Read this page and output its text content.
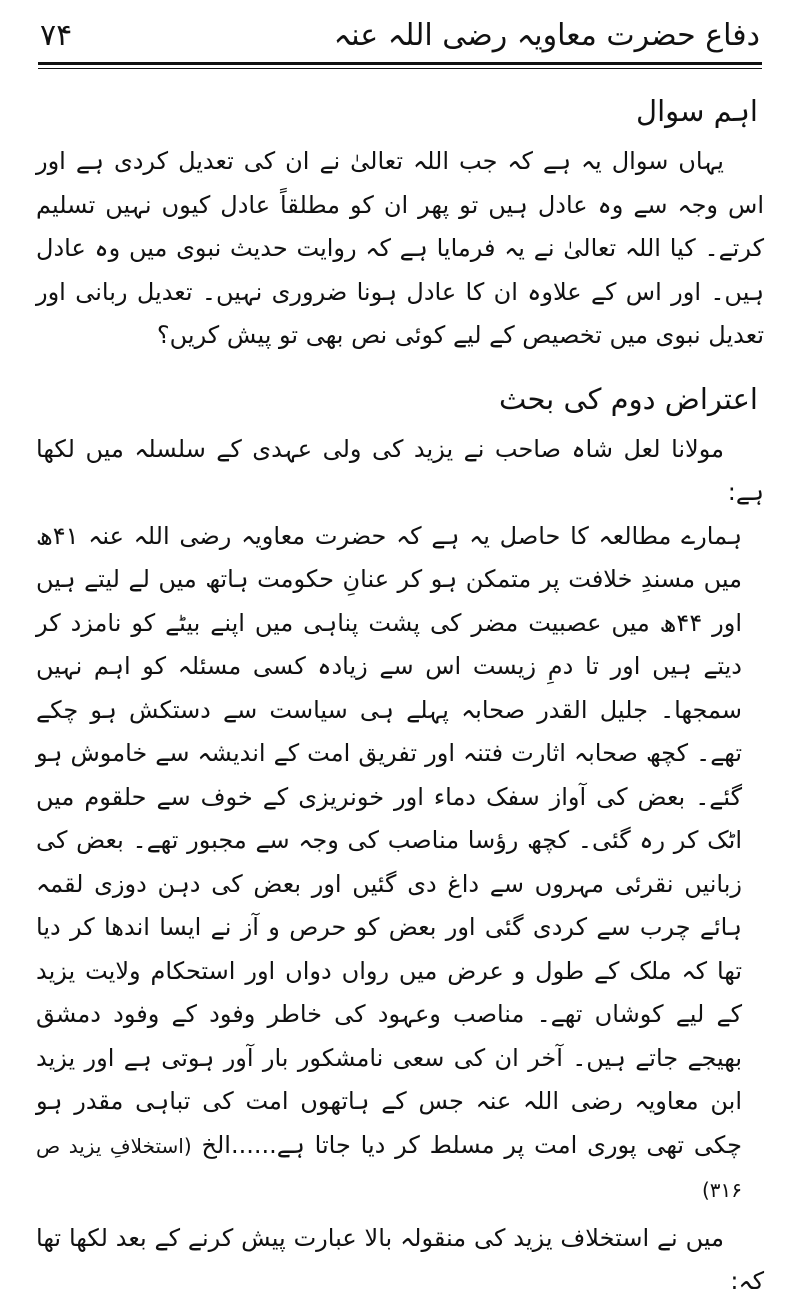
دفاع حضرت معاویہ رضی اللہ عنہ
۷۴
اہم سوال

یہاں سوال یہ ہے کہ جب اللہ تعالیٰ نے ان کی تعدیل کردی ہے اور اس وجہ سے وہ عادل ہیں تو پھر ان کو مطلقاً عادل کیوں نہیں تسلیم کرتے۔ کیا اللہ تعالیٰ نے یہ فرمایا ہے کہ روایت حدیث نبوی میں وہ عادل ہیں۔ اور اس کے علاوہ ان کا عادل ہونا ضروری نہیں۔ تعدیل ربانی اور تعدیل نبوی میں تخصیص کے لیے کوئی نص بھی تو پیش کریں؟

اعتراض دوم کی بحث

مولانا لعل شاہ صاحب نے یزید کی ولی عہدی کے سلسلہ میں لکھا ہے:

ہمارے مطالعہ کا حاصل یہ ہے کہ حضرت معاویہ رضی اللہ عنہ ۴۱ھ میں مسندِ خلافت پر متمکن ہو کر عنانِ حکومت ہاتھ میں لے لیتے ہیں اور ۴۴ھ میں عصبیت مضر کی پشت پناہی میں اپنے بیٹے کو نامزد کر دیتے ہیں اور تا دمِ زیست اس سے زیادہ کسی مسئلہ کو اہم نہیں سمجھا۔ جلیل القدر صحابہ پہلے ہی سیاست سے دستکش ہو چکے تھے۔ کچھ صحابہ اثارت فتنہ اور تفریق امت کے اندیشہ سے خاموش ہو گئے۔ بعض کی آواز سفک دماء اور خونریزی کے خوف سے حلقوم میں اٹک کر رہ گئی۔ کچھ رؤسا مناصب کی وجہ سے مجبور تھے۔ بعض کی زبانیں نقرئی مہروں سے داغ دی گئیں اور بعض کی دہن دوزی لقمہ ہائے چرب سے کردی گئی اور بعض کو حرص و آز نے ایسا اندھا کر دیا تھا کہ ملک کے طول و عرض میں رواں دواں اور استحکام ولایت یزید کے لیے کوشاں تھے۔ مناصب وعہود کی خاطر وفود کے وفود دمشق بھیجے جاتے ہیں۔ آخر ان کی سعی نامشکور بار آور ہوتی ہے اور یزید ابن معاویہ رضی اللہ عنہ جس کے ہاتھوں امت کی تباہی مقدر ہو چکی تھی پوری امت پر مسلط کر دیا جاتا ہے......الخ (استخلافِ یزید ص ۳۱۶)

میں نے استخلاف یزید کی منقولہ بالا عبارت پیش کرنے کے بعد لکھا تھا کہ:
